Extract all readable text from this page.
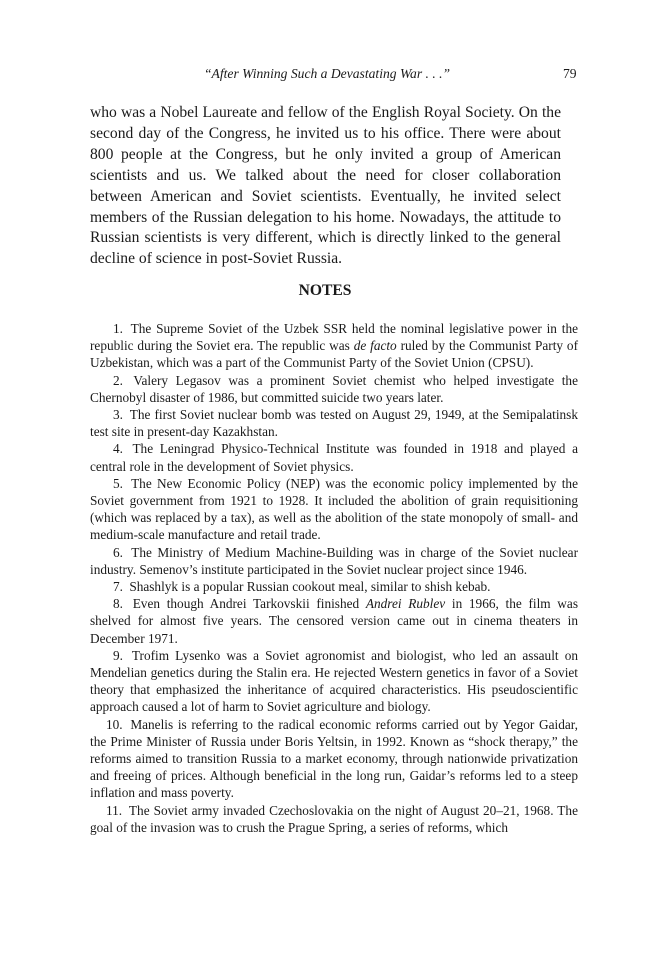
“After Winning Such a Devastating War . . .”	79

who was a Nobel Laureate and fellow of the English Royal Society. On the second day of the Congress, he invited us to his office. There were about 800 people at the Congress, but he only invited a group of American scientists and us. We talked about the need for closer collaboration between American and Soviet scientists. Eventually, he invited select members of the Russian delegation to his home. Nowadays, the attitude to Russian scientists is very different, which is directly linked to the general decline of science in post-Soviet Russia.

NOTES
1. The Supreme Soviet of the Uzbek SSR held the nominal legislative power in the republic during the Soviet era. The republic was de facto ruled by the Communist Party of Uzbekistan, which was a part of the Communist Party of the Soviet Union (CPSU).
2. Valery Legasov was a prominent Soviet chemist who helped investigate the Chernobyl disaster of 1986, but committed suicide two years later.
3. The first Soviet nuclear bomb was tested on August 29, 1949, at the Semipalatinsk test site in present-day Kazakhstan.
4. The Leningrad Physico-Technical Institute was founded in 1918 and played a central role in the development of Soviet physics.
5. The New Economic Policy (NEP) was the economic policy implemented by the Soviet government from 1921 to 1928. It included the abolition of grain requisitioning (which was replaced by a tax), as well as the abolition of the state monopoly of small- and medium-scale manufacture and retail trade.
6. The Ministry of Medium Machine-Building was in charge of the Soviet nuclear industry. Semenov’s institute participated in the Soviet nuclear project since 1946.
7. Shashlyk is a popular Russian cookout meal, similar to shish kebab.
8. Even though Andrei Tarkovskii finished Andrei Rublev in 1966, the film was shelved for almost five years. The censored version came out in cinema theaters in December 1971.
9. Trofim Lysenko was a Soviet agronomist and biologist, who led an assault on Mendelian genetics during the Stalin era. He rejected Western genetics in favor of a Soviet theory that emphasized the inheritance of acquired characteristics. His pseudoscientific approach caused a lot of harm to Soviet agriculture and biology.
10. Manelis is referring to the radical economic reforms carried out by Yegor Gaidar, the Prime Minister of Russia under Boris Yeltsin, in 1992. Known as “shock therapy,” the reforms aimed to transition Russia to a market economy, through nationwide privatization and freeing of prices. Although beneficial in the long run, Gaidar’s reforms led to a steep inflation and mass poverty.
11. The Soviet army invaded Czechoslovakia on the night of August 20–21, 1968. The goal of the invasion was to crush the Prague Spring, a series of reforms, which
